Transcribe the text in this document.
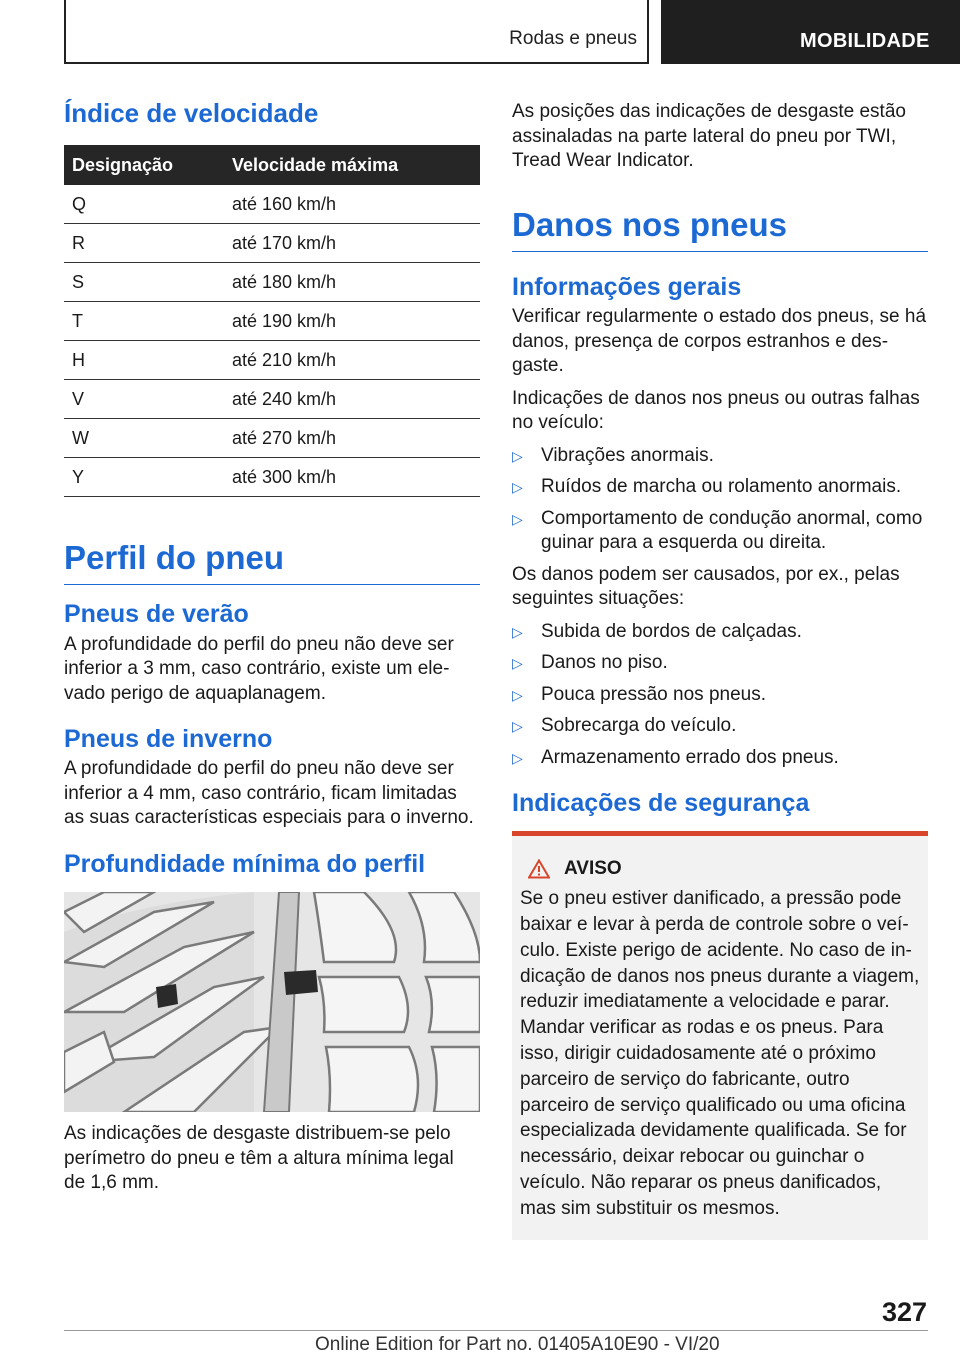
Rodas e pneus	MOBILIDADE
Índice de velocidade
Designação	Velocidade máxima
Q	até 160 km/h
R	até 170 km/h
S	até 180 km/h
T	até 190 km/h
H	até 210 km/h
V	até 240 km/h
W	até 270 km/h
Y	até 300 km/h
Perfil do pneu
Pneus de verão

A profundidade do perfil do pneu não deve ser inferior a 3 mm, caso contrário, existe um elevado perigo de aquaplanagem.

Pneus de inverno

A profundidade do perfil do pneu não deve ser inferior a 4 mm, caso contrário, ficam limitadas as suas características especiais para o inverno.

Profundidade mínima do perfil

As indicações de desgaste distribuem-se pelo perímetro do pneu e têm a altura mínima legal de 1,6 mm.

As posições das indicações de desgaste estão assinaladas na parte lateral do pneu por TWI, Tread Wear Indicator.

Danos nos pneus
Informações gerais

Verificar regularmente o estado dos pneus, se há danos, presença de corpos estranhos e desgaste.

Indicações de danos nos pneus ou outras falhas no veículo:

▷ Vibrações anormais.
▷ Ruídos de marcha ou rolamento anormais.
▷ Comportamento de condução anormal, como guinar para a esquerda ou direita.

Os danos podem ser causados, por ex., pelas seguintes situações:

▷ Subida de bordos de calçadas.
▷ Danos no piso.
▷ Pouca pressão nos pneus.
▷ Sobrecarga do veículo.
▷ Armazenamento errado dos pneus.
Indicações de segurança
AVISO

Se o pneu estiver danificado, a pressão pode baixar e levar à perda de controle sobre o veículo. Existe perigo de acidente. No caso de indicação de danos nos pneus durante a viagem, reduzir imediatamente a velocidade e parar. Mandar verificar as rodas e os pneus. Para isso, dirigir cuidadosamente até o próximo parceiro de serviço do fabricante, outro parceiro de serviço qualificado ou uma oficina especializada devidamente qualificada. Se for necessário, deixar rebocar ou guinchar o veículo. Não reparar os pneus danificados, mas sim substituir os mesmos.

327
Online Edition for Part no. 01405A10E90 - VI/20
